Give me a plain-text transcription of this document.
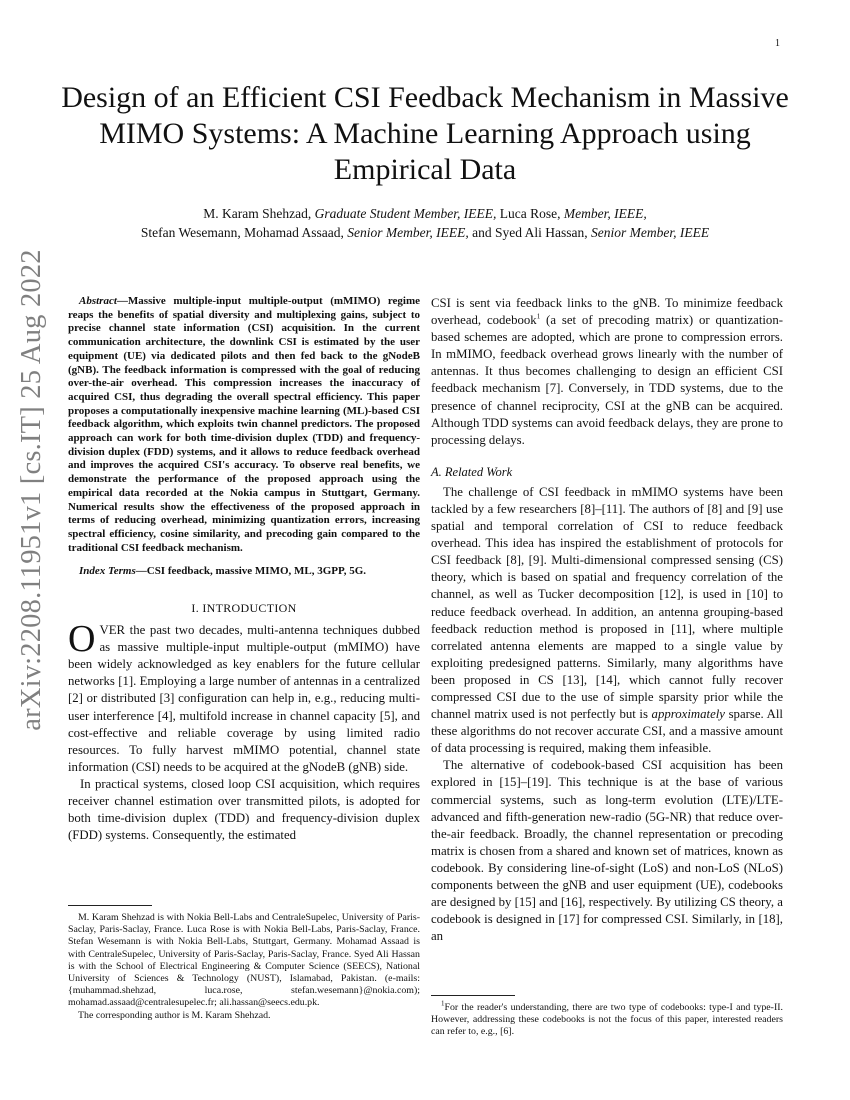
1
arXiv:2208.11951v1 [cs.IT] 25 Aug 2022
Design of an Efficient CSI Feedback Mechanism in Massive MIMO Systems: A Machine Learning Approach using Empirical Data
M. Karam Shehzad, Graduate Student Member, IEEE, Luca Rose, Member, IEEE,
Stefan Wesemann, Mohamad Assaad, Senior Member, IEEE, and Syed Ali Hassan, Senior Member, IEEE

Abstract—Massive multiple-input multiple-output (mMIMO) regime reaps the benefits of spatial diversity and multiplexing gains, subject to precise channel state information (CSI) acquisition. In the current communication architecture, the downlink CSI is estimated by the user equipment (UE) via dedicated pilots and then fed back to the gNodeB (gNB). The feedback information is compressed with the goal of reducing over-the-air overhead. This compression increases the inaccuracy of acquired CSI, thus degrading the overall spectral efficiency. This paper proposes a computationally inexpensive machine learning (ML)-based CSI feedback algorithm, which exploits twin channel predictors. The proposed approach can work for both time-division duplex (TDD) and frequency-division duplex (FDD) systems, and it allows to reduce feedback overhead and improves the acquired CSI's accuracy. To observe real benefits, we demonstrate the performance of the proposed approach using the empirical data recorded at the Nokia campus in Stuttgart, Germany. Numerical results show the effectiveness of the proposed approach in terms of reducing overhead, minimizing quantization errors, increasing spectral efficiency, cosine similarity, and precoding gain compared to the traditional CSI feedback mechanism.

Index Terms—CSI feedback, massive MIMO, ML, 3GPP, 5G.

I. INTRODUCTION

OVER the past two decades, multi-antenna techniques dubbed as massive multiple-input multiple-output (mMIMO) have been widely acknowledged as key enablers for the future cellular networks [1]. Employing a large number of antennas in a centralized [2] or distributed [3] configuration can help in, e.g., reducing multi-user interference [4], multifold increase in channel capacity [5], and cost-effective and reliable coverage by using limited radio resources. To fully harvest mMIMO potential, channel state information (CSI) needs to be acquired at the gNodeB (gNB) side.

In practical systems, closed loop CSI acquisition, which requires receiver channel estimation over transmitted pilots, is adopted for both time-division duplex (TDD) and frequency-division duplex (FDD) systems. Consequently, the estimated

CSI is sent via feedback links to the gNB. To minimize feedback overhead, codebook$^1$ (a set of precoding matrix) or quantization-based schemes are adopted, which are prone to compression errors. In mMIMO, feedback overhead grows linearly with the number of antennas. It thus becomes challenging to design an efficient CSI feedback mechanism [7]. Conversely, in TDD systems, due to the presence of channel reciprocity, CSI at the gNB can be acquired. Although TDD systems can avoid feedback delays, they are prone to processing delays.

A. Related Work

The challenge of CSI feedback in mMIMO systems have been tackled by a few researchers [8]–[11]. The authors of [8] and [9] use spatial and temporal correlation of CSI to reduce feedback overhead. This idea has inspired the establishment of protocols for CSI feedback [8], [9]. Multi-dimensional compressed sensing (CS) theory, which is based on spatial and frequency correlation of the channel, as well as Tucker decomposition [12], is used in [10] to reduce feedback overhead. In addition, an antenna grouping-based feedback reduction method is proposed in [11], where multiple correlated antenna elements are mapped to a single value by exploiting predesigned patterns. Similarly, many algorithms have been proposed in CS [13], [14], which cannot fully recover compressed CSI due to the use of simple sparsity prior while the channel matrix used is not perfectly but is approximately sparse. All these algorithms do not recover accurate CSI, and a massive amount of data processing is required, making them infeasible.

The alternative of codebook-based CSI acquisition has been explored in [15]–[19]. This technique is at the base of various commercial systems, such as long-term evolution (LTE)/LTE-advanced and fifth-generation new-radio (5G-NR) that reduce over-the-air feedback. Broadly, the channel representation or precoding matrix is chosen from a shared and known set of matrices, known as codebook. By considering line-of-sight (LoS) and non-LoS (NLoS) components between the gNB and user equipment (UE), codebooks are designed by [15] and [16], respectively. By utilizing CS theory, a codebook is designed in [17] for compressed CSI. Similarly, in [18], an

M. Karam Shehzad is with Nokia Bell-Labs and CentraleSupelec, University of Paris-Saclay, Paris-Saclay, France. Luca Rose is with Nokia Bell-Labs, Paris-Saclay, France. Stefan Wesemann is with Nokia Bell-Labs, Stuttgart, Germany. Mohamad Assaad is with CentraleSupelec, University of Paris-Saclay, Paris-Saclay, France. Syed Ali Hassan is with the School of Electrical Engineering & Computer Science (SEECS), National University of Sciences & Technology (NUST), Islamabad, Pakistan. (e-mails: {muhammad.shehzad, luca.rose, stefan.wesemann}@nokia.com); mohamad.assaad@centralesupelec.fr; ali.hassan@seecs.edu.pk.

The corresponding author is M. Karam Shehzad.

$^1$For the reader's understanding, there are two type of codebooks: type-I and type-II. However, addressing these codebooks is not the focus of this paper, interested readers can refer to, e.g., [6].
